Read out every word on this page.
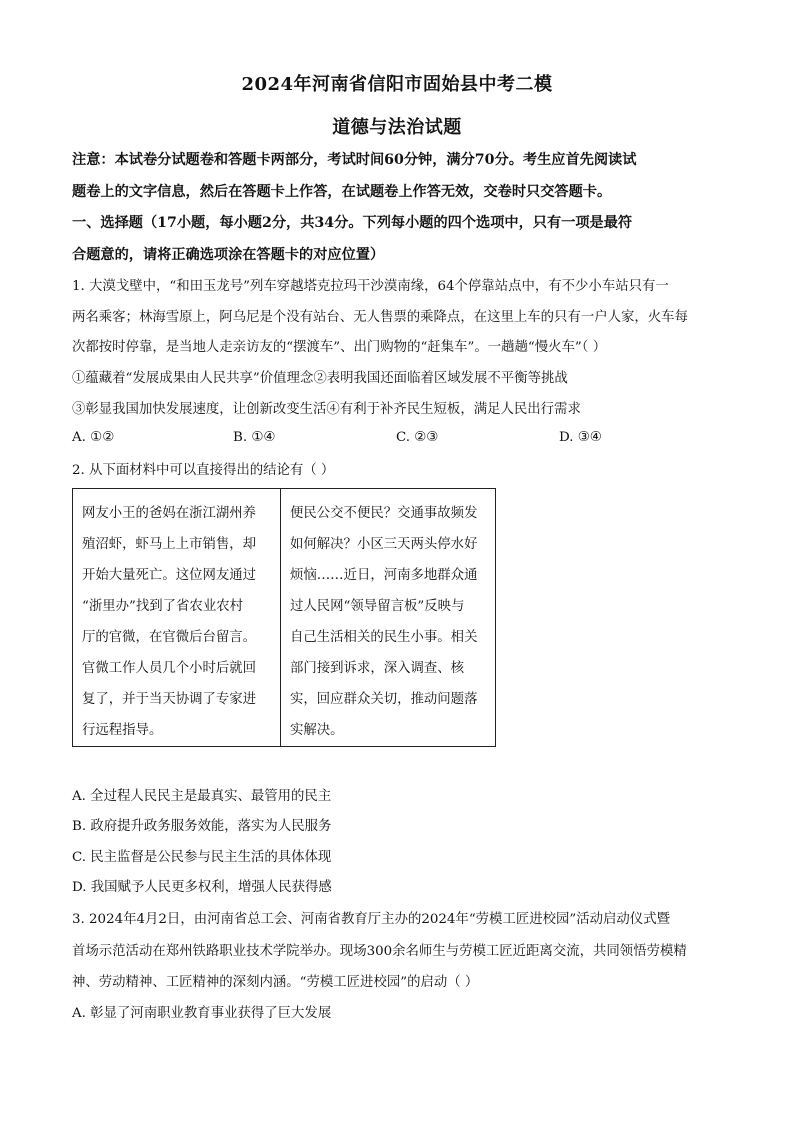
2024年河南省信阳市固始县中考二模
道德与法治试题
注意：本试卷分试题卷和答题卡两部分，考试时间60分钟，满分70分。考生应首先阅读试
题卷上的文字信息，然后在答题卡上作答，在试题卷上作答无效，交卷时只交答题卡。
一、选择题（17小题，每小题2分，共34分。下列每小题的四个选项中，只有一项是最符
合题意的，请将正确选项涂在答题卡的对应位置）
1. 大漠戈壁中，“和田玉龙号”列车穿越塔克拉玛干沙漠南缘，64个停靠站点中，有不少小车站只有一
两名乘客；林海雪原上，阿乌尼是个没有站台、无人售票的乘降点，在这里上车的只有一户人家，火车每
次都按时停靠，是当地人走亲访友的“摆渡车”、出门购物的“赶集车”。一趟趟“慢火车”（ ）
①蕴藏着“发展成果由人民共享”价值理念②表明我国还面临着区域发展不平衡等挑战
③彰显我国加快发展速度，让创新改变生活④有利于补齐民生短板，满足人民出行需求
A. ①②	B. ①④	C. ②③	D. ③④
2. 从下面材料中可以直接得出的结论有（ ）
网友小王的爸妈在浙江湖州养
殖沼虾，虾马上上市销售，却
开始大量死亡。这位网友通过
“浙里办”找到了省农业农村
厅的官微，在官微后台留言。
官微工作人员几个小时后就回
复了，并于当天协调了专家进
行远程指导。
便民公交不便民？交通事故频发
如何解决？小区三天两头停水好
烦恼……近日，河南多地群众通
过人民网“领导留言板”反映与
自己生活相关的民生小事。相关
部门接到诉求，深入调查、核
实，回应群众关切，推动问题落
实解决。
A. 全过程人民民主是最真实、最管用的民主
B. 政府提升政务服务效能，落实为人民服务
C. 民主监督是公民参与民主生活的具体体现
D. 我国赋予人民更多权利，增强人民获得感
3. 2024年4月2日，由河南省总工会、河南省教育厅主办的2024年“劳模工匠进校园”活动启动仪式暨
首场示范活动在郑州铁路职业技术学院举办。现场300余名师生与劳模工匠近距离交流，共同领悟劳模精
神、劳动精神、工匠精神的深刻内涵。“劳模工匠进校园”的启动（ ）
A. 彰显了河南职业教育事业获得了巨大发展
